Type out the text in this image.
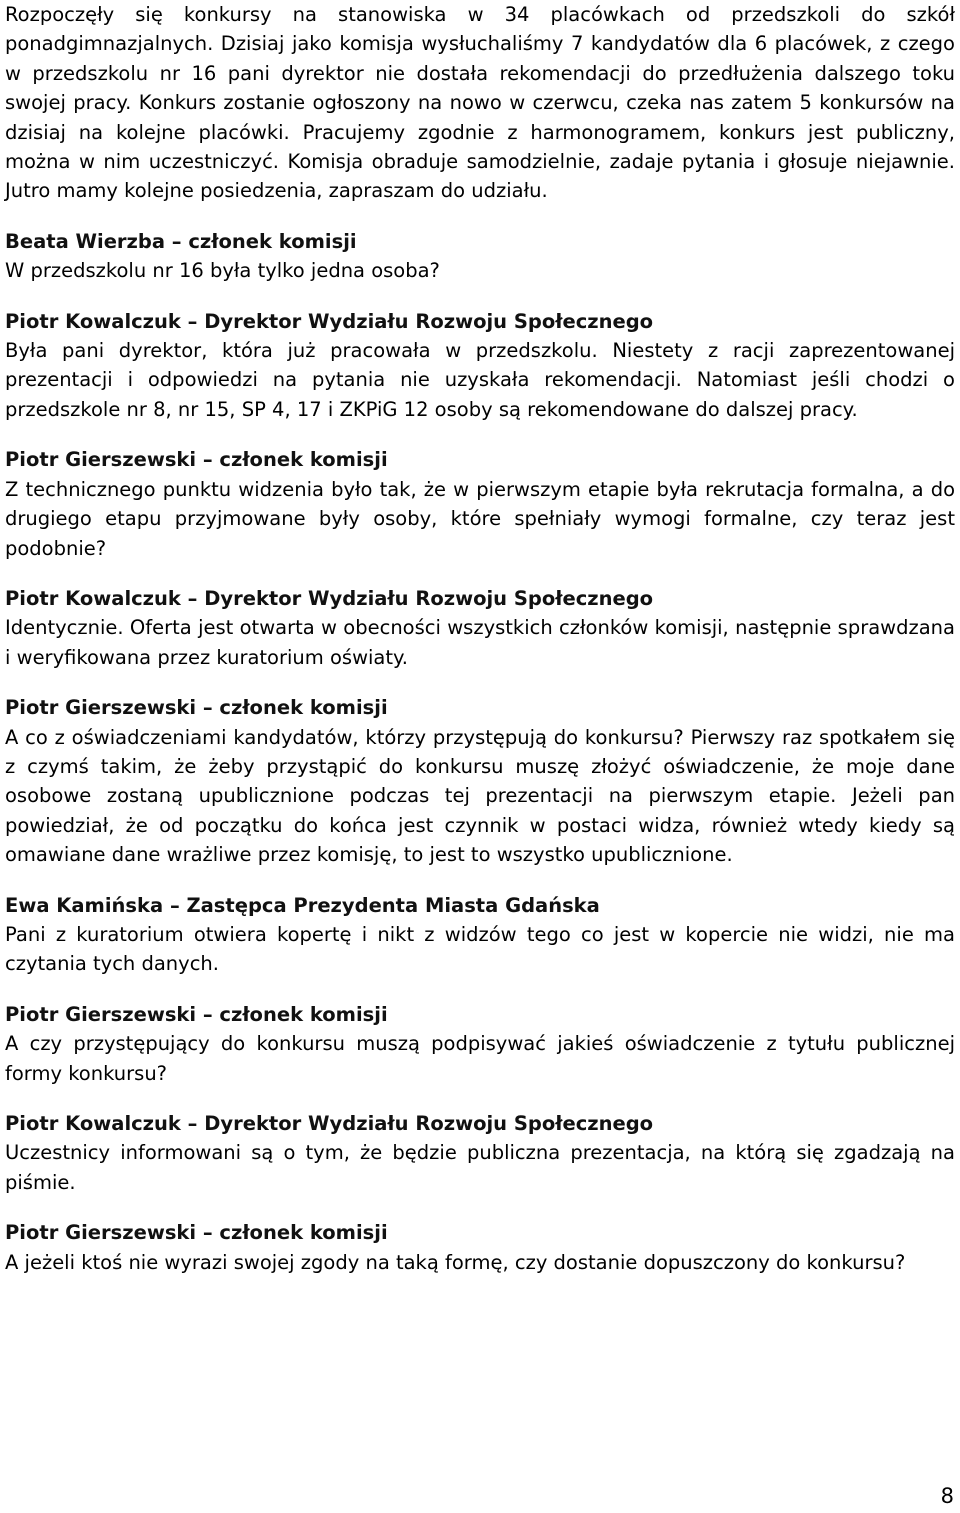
Rozpoczęły się konkursy na stanowiska w 34 placówkach od przedszkoli do szkół ponadgimnazjalnych. Dzisiaj jako komisja wysłuchaliśmy 7 kandydatów dla 6 placówek, z czego w przedszkolu nr 16 pani dyrektor nie dostała rekomendacji do przedłużenia dalszego toku swojej pracy. Konkurs zostanie ogłoszony na nowo w czerwcu, czeka nas zatem 5 konkursów na dzisiaj na kolejne placówki. Pracujemy zgodnie z harmonogramem, konkurs jest publiczny, można w nim uczestniczyć. Komisja obraduje samodzielnie, zadaje pytania i głosuje niejawnie. Jutro mamy kolejne posiedzenia, zapraszam do udziału.

Beata Wierzba – członek komisji

W przedszkolu nr 16 była tylko jedna osoba?

Piotr Kowalczuk – Dyrektor Wydziału Rozwoju Społecznego

Była pani dyrektor, która już pracowała w przedszkolu. Niestety z racji zaprezentowanej prezentacji i odpowiedzi na pytania nie uzyskała rekomendacji. Natomiast jeśli chodzi o przedszkole nr 8, nr 15, SP 4, 17 i ZKPiG 12 osoby są rekomendowane do dalszej pracy.

Piotr Gierszewski – członek komisji

Z technicznego punktu widzenia było tak, że w pierwszym etapie była rekrutacja formalna, a do drugiego etapu przyjmowane były osoby, które spełniały wymogi formalne, czy teraz jest podobnie?

Piotr Kowalczuk – Dyrektor Wydziału Rozwoju Społecznego

Identycznie. Oferta jest otwarta w obecności wszystkich członków komisji, następnie sprawdzana i weryfikowana przez kuratorium oświaty.

Piotr Gierszewski – członek komisji

A co z oświadczeniami kandydatów, którzy przystępują do konkursu? Pierwszy raz spotkałem się z czymś takim, że żeby przystąpić do konkursu muszę złożyć oświadczenie, że moje dane osobowe zostaną upublicznione podczas tej prezentacji na pierwszym etapie. Jeżeli pan powiedział, że od początku do końca jest czynnik w postaci widza, również wtedy kiedy są omawiane dane wrażliwe przez komisję, to jest to wszystko upublicznione.

Ewa Kamińska – Zastępca Prezydenta Miasta Gdańska

Pani z kuratorium otwiera kopertę i nikt z widzów tego co jest w kopercie nie widzi, nie ma czytania tych danych.

Piotr Gierszewski – członek komisji

A czy przystępujący do konkursu muszą podpisywać jakieś oświadczenie z tytułu publicznej formy konkursu?

Piotr Kowalczuk – Dyrektor Wydziału Rozwoju Społecznego

Uczestnicy informowani są o tym, że będzie publiczna prezentacja, na którą się zgadzają na piśmie.

Piotr Gierszewski – członek komisji

A jeżeli ktoś nie wyrazi swojej zgody na taką formę, czy dostanie dopuszczony do konkursu?

8
